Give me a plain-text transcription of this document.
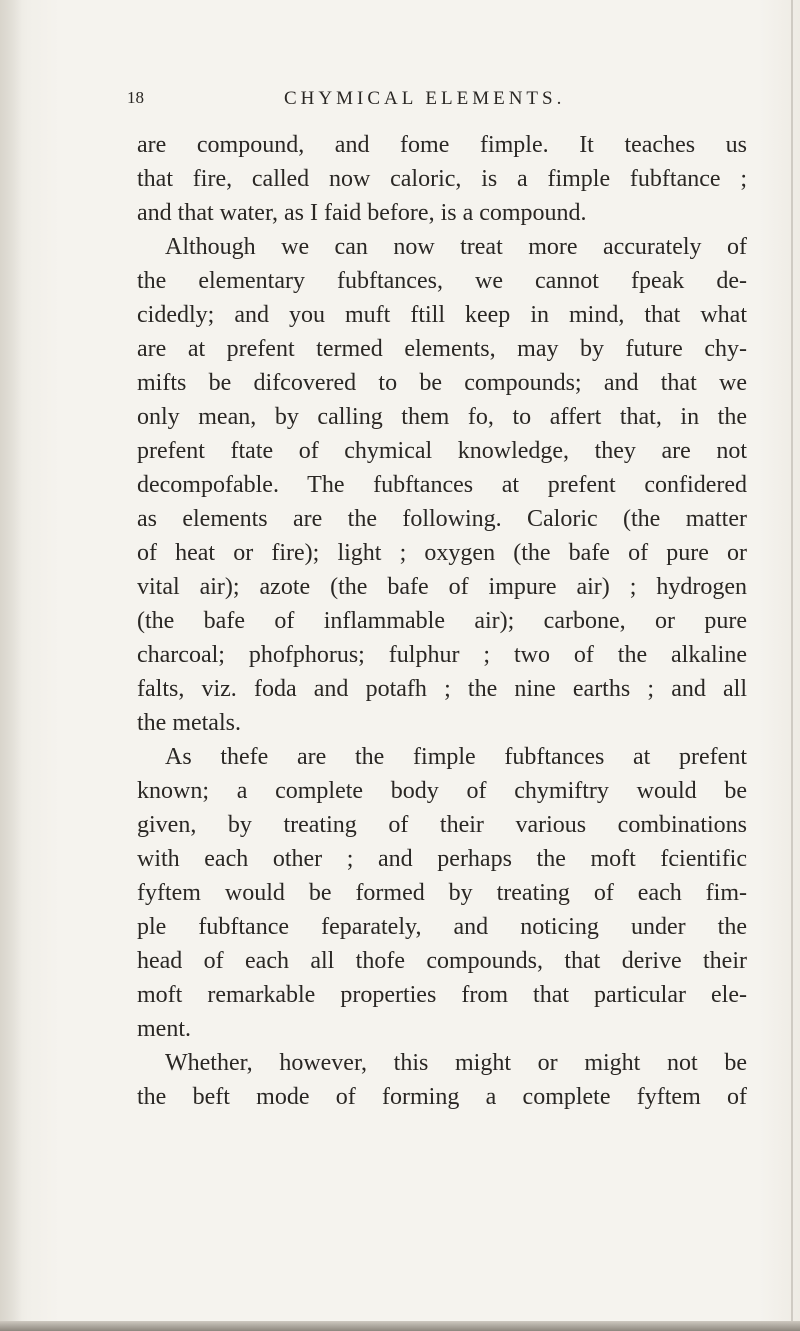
18	CHYMICAL ELEMENTS.
are compound, and fome fimple. It teaches us
that fire, called now caloric, is a fimple fubftance ;
and that water, as I faid before, is a compound.
Although we can now treat more accurately of
the elementary fubftances, we cannot fpeak de-
cidedly; and you muft ftill keep in mind, that what
are at prefent termed elements, may by future chy-
mifts be difcovered to be compounds; and that we
only mean, by calling them fo, to affert that, in the
prefent ftate of chymical knowledge, they are not
decompofable. The fubftances at prefent confidered
as elements are the following. Caloric (the matter
of heat or fire); light ; oxygen (the bafe of pure or
vital air); azote (the bafe of impure air) ; hydrogen
(the bafe of inflammable air); carbone, or pure
charcoal; phofphorus; fulphur ; two of the alkaline
falts, viz. foda and potafh ; the nine earths ; and all
the metals.
As thefe are the fimple fubftances at prefent
known; a complete body of chymiftry would be
given, by treating of their various combinations
with each other ; and perhaps the moft fcientific
fyftem would be formed by treating of each fim-
ple fubftance feparately, and noticing under the
head of each all thofe compounds, that derive their
moft remarkable properties from that particular ele-
ment.
Whether, however, this might or might not be
the beft mode of forming a complete fyftem of
